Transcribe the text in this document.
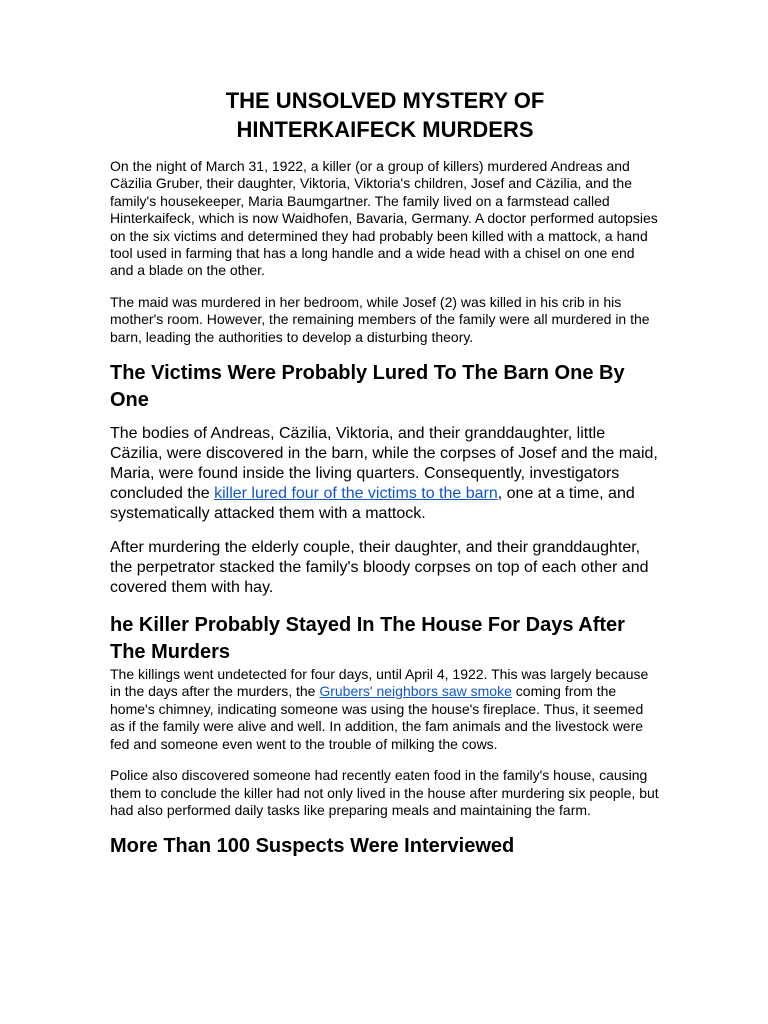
THE UNSOLVED MYSTERY OF
HINTERKAIFECK MURDERS

On the night of March 31, 1922, a killer (or a group of killers) murdered Andreas and Cäzilia Gruber, their daughter, Viktoria, Viktoria's children, Josef and Cäzilia, and the family's housekeeper, Maria Baumgartner. The family lived on a farmstead called Hinterkaifeck, which is now Waidhofen, Bavaria, Germany. A doctor performed autopsies on the six victims and determined they had probably been killed with a mattock, a hand tool used in farming that has a long handle and a wide head with a chisel on one end and a blade on the other.

The maid was murdered in her bedroom, while Josef (2) was killed in his crib in his mother's room. However, the remaining members of the family were all murdered in the barn, leading the authorities to develop a disturbing theory.

The Victims Were Probably Lured To The Barn One By One

The bodies of Andreas, Cäzilia, Viktoria, and their granddaughter, little Cäzilia, were discovered in the barn, while the corpses of Josef and the maid, Maria, were found inside the living quarters. Consequently, investigators concluded the killer lured four of the victims to the barn, one at a time, and systematically attacked them with a mattock.

After murdering the elderly couple, their daughter, and their granddaughter, the perpetrator stacked the family's bloody corpses on top of each other and covered them with hay.

he Killer Probably Stayed In The House For Days After The Murders

The killings went undetected for four days, until April 4, 1922. This was largely because in the days after the murders, the Grubers' neighbors saw smoke coming from the home's chimney, indicating someone was using the house's fireplace. Thus, it seemed as if the family were alive and well. In addition, the fam animals and the livestock were fed and someone even went to the trouble of milking the cows.

Police also discovered someone had recently eaten food in the family's house, causing them to conclude the killer had not only lived in the house after murdering six people, but had also performed daily tasks like preparing meals and maintaining the farm.

More Than 100 Suspects Were Interviewed
